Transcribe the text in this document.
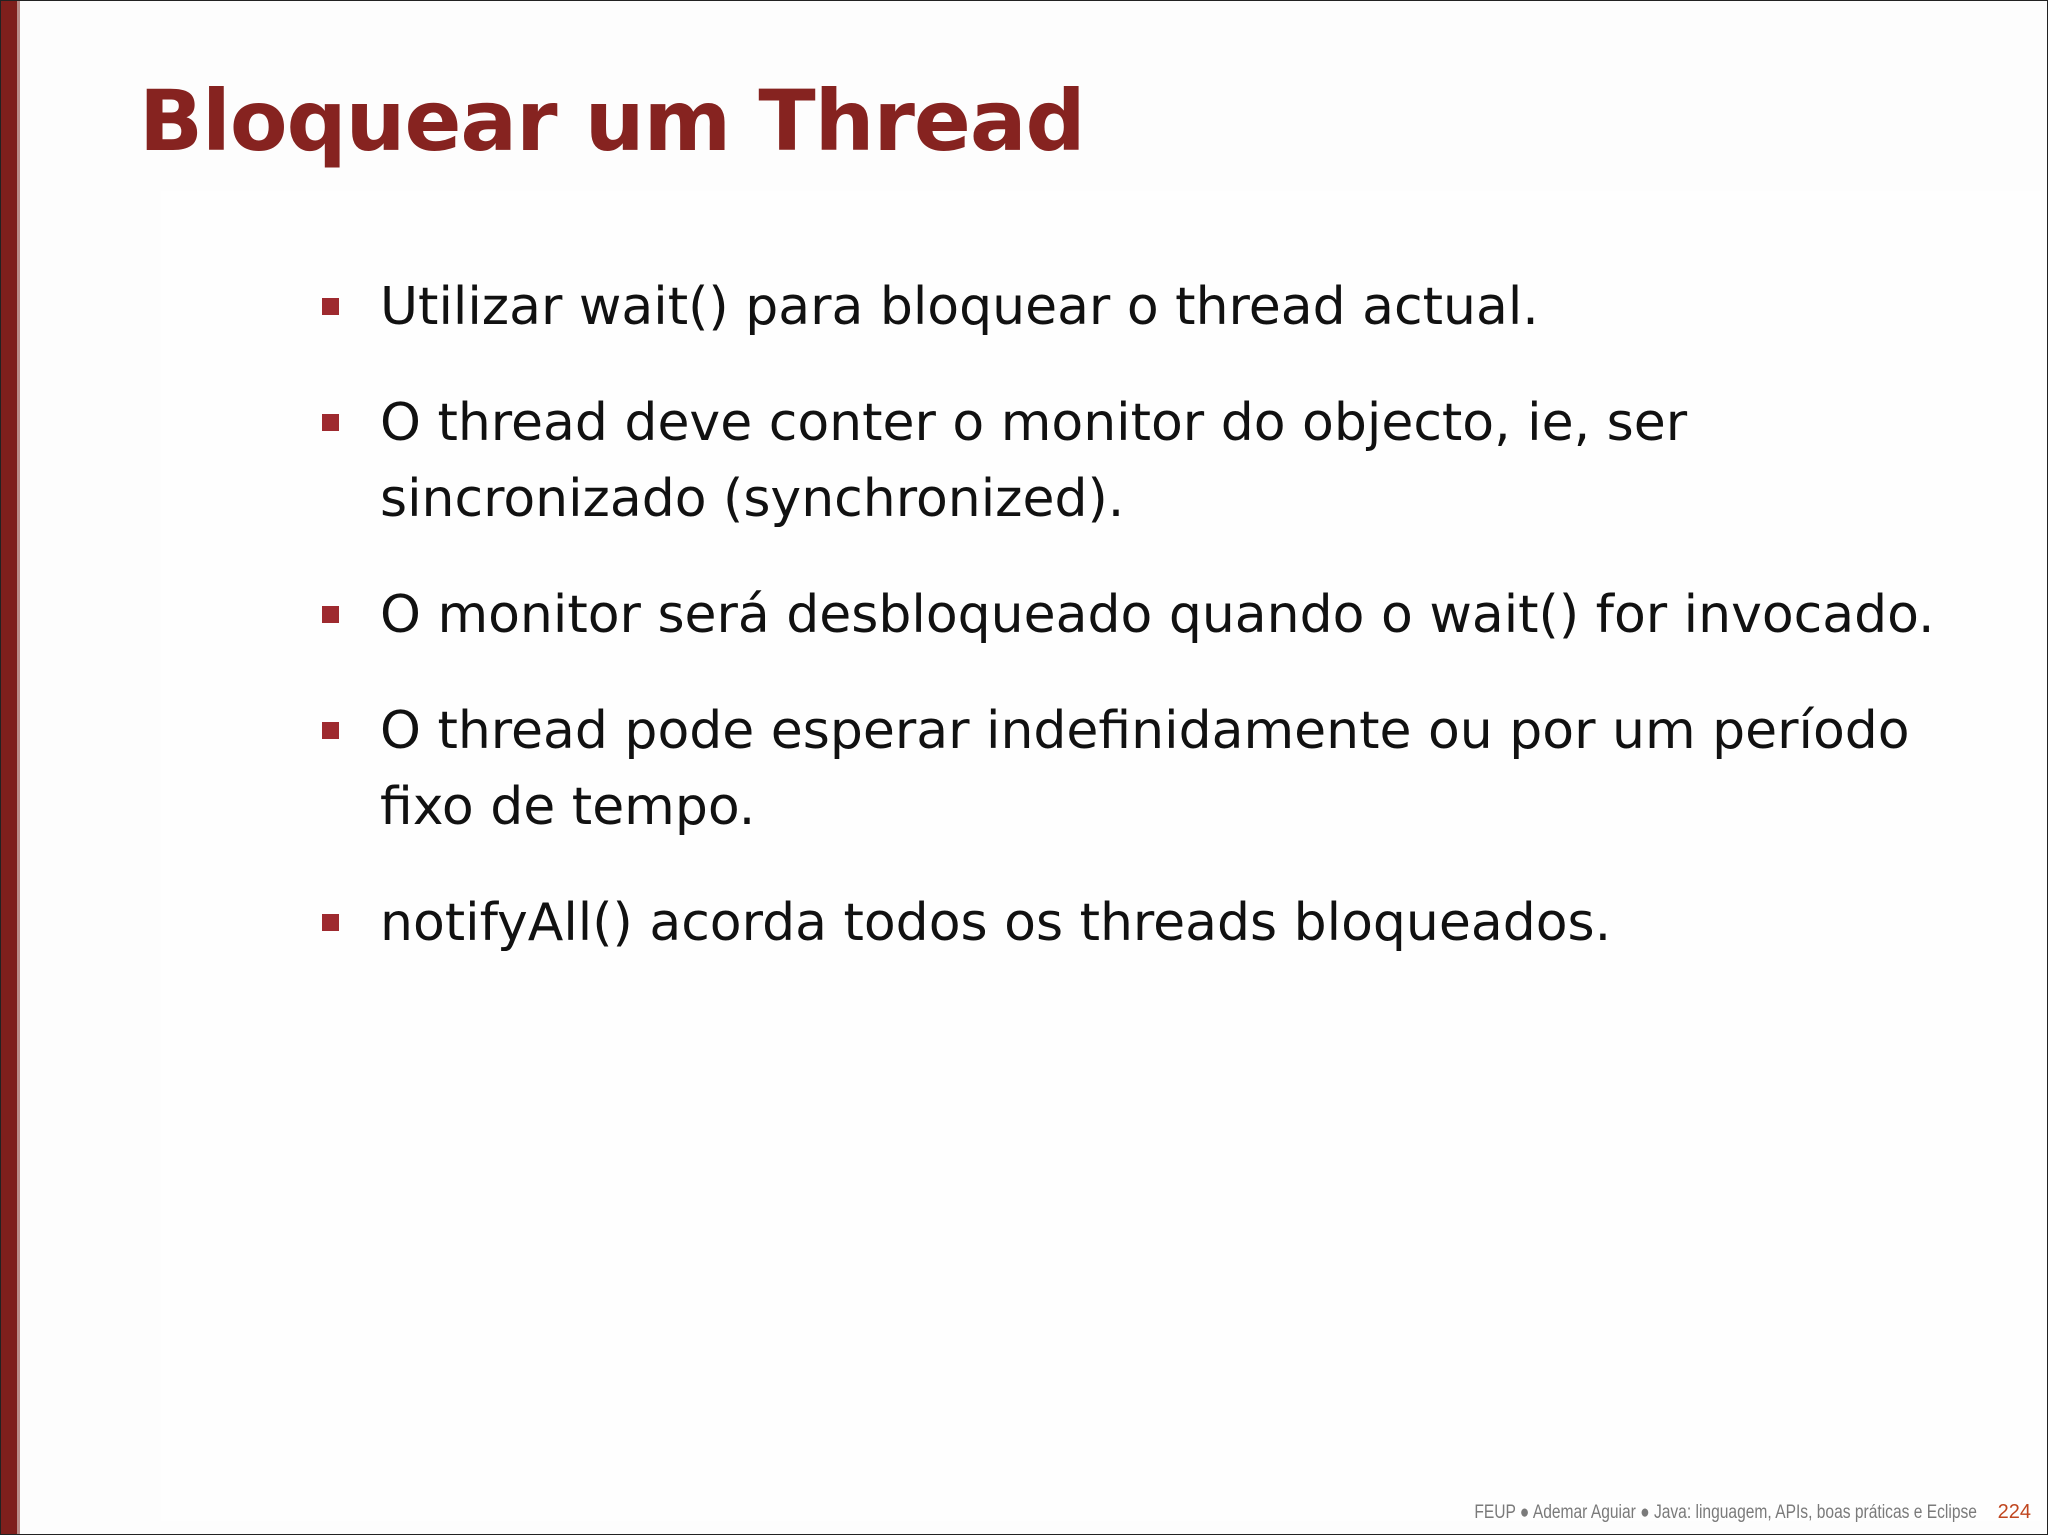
Bloquear um Thread
Utilizar wait() para bloquear o thread actual.
O thread deve conter o monitor do objecto, ie, ser sincronizado (synchronized).
O monitor será desbloqueado quando o wait() for invocado.
O thread pode esperar indefinidamente ou por um período fixo de tempo.
notifyAll() acorda todos os threads bloqueados.
FEUP ● Ademar Aguiar ● Java: linguagem, APIs, boas práticas e Eclipse 224
